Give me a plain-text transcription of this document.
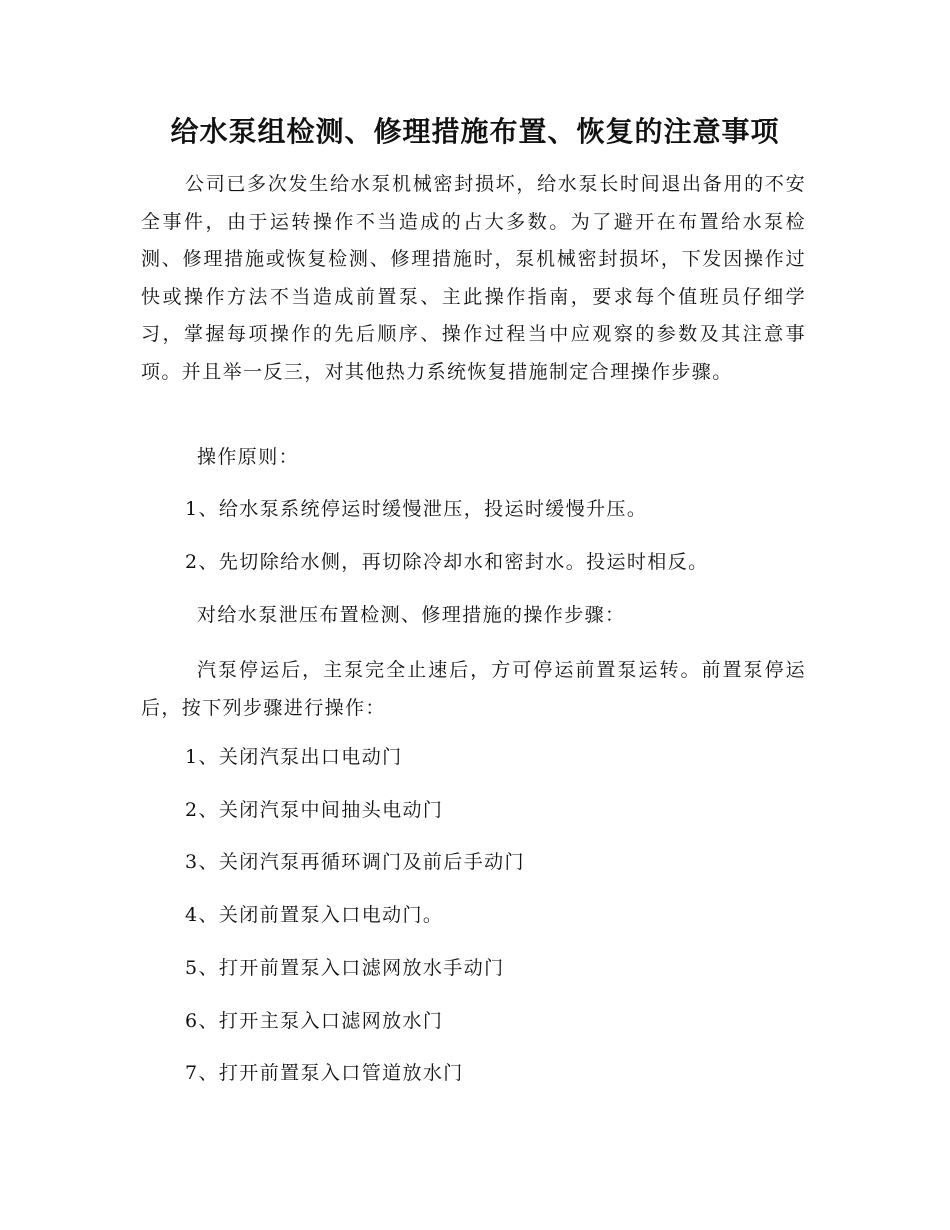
给水泵组检测、修理措施布置、恢复的注意事项

公司已多次发生给水泵机械密封损坏，给水泵长时间退出备用的不安全事件，由于运转操作不当造成的占大多数。为了避开在布置给水泵检测、修理措施或恢复检测、修理措施时，泵机械密封损坏，下发因操作过快或操作方法不当造成前置泵、主此操作指南，要求每个值班员仔细学习，掌握每项操作的先后顺序、操作过程当中应观察的参数及其注意事项。并且举一反三，对其他热力系统恢复措施制定合理操作步骤。

操作原则：

1、给水泵系统停运时缓慢泄压，投运时缓慢升压。

2、先切除给水侧，再切除冷却水和密封水。投运时相反。

对给水泵泄压布置检测、修理措施的操作步骤：

汽泵停运后，主泵完全止速后，方可停运前置泵运转。前置泵停运后，按下列步骤进行操作：

1、关闭汽泵出口电动门

2、关闭汽泵中间抽头电动门

3、关闭汽泵再循环调门及前后手动门

4、关闭前置泵入口电动门。

5、打开前置泵入口滤网放水手动门

6、打开主泵入口滤网放水门

7、打开前置泵入口管道放水门
